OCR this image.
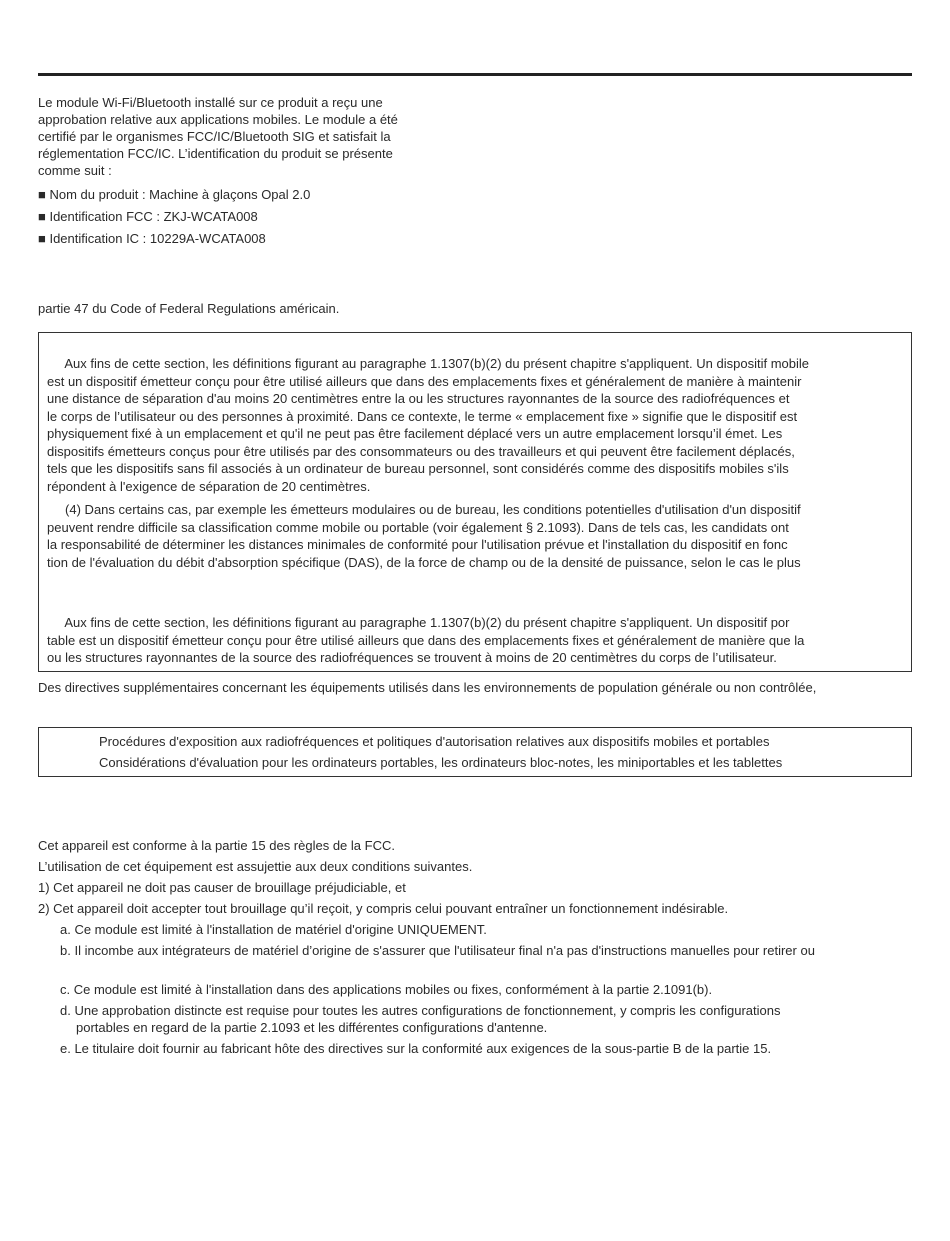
Le module Wi-Fi/Bluetooth installé sur ce produit a reçu une
approbation relative aux applications mobiles. Le module a été
certifié par le organismes FCC/IC/Bluetooth SIG et satisfait la
réglementation FCC/IC. L’identification du produit se présente
comme suit :
■ Nom du produit : Machine à glaçons Opal 2.0
■ Identification FCC : ZKJ-WCATA008
■ Identification IC : 10229A-WCATA008
partie 47 du Code of Federal Regulations américain.
Aux fins de cette section, les définitions figurant au paragraphe 1.1307(b)(2) du présent chapitre s'appliquent. Un dispositif mobile
est un dispositif émetteur conçu pour être utilisé ailleurs que dans des emplacements fixes et généralement de manière à maintenir
une distance de séparation d'au moins 20 centimètres entre la ou les structures rayonnantes de la source des radiofréquences et
le corps de l’utilisateur ou des personnes à proximité. Dans ce contexte, le terme « emplacement fixe » signifie que le dispositif est
physiquement fixé à un emplacement et qu'il ne peut pas être facilement déplacé vers un autre emplacement lorsqu’il émet. Les
dispositifs émetteurs conçus pour être utilisés par des consommateurs ou des travailleurs et qui peuvent être facilement déplacés,
tels que les dispositifs sans fil associés à un ordinateur de bureau personnel, sont considérés comme des dispositifs mobiles s'ils
répondent à l'exigence de séparation de 20 centimètres.
(4) Dans certains cas, par exemple les émetteurs modulaires ou de bureau, les conditions potentielles d'utilisation d'un dispositif
peuvent rendre difficile sa classification comme mobile ou portable (voir également § 2.1093). Dans de tels cas, les candidats ont
la responsabilité de déterminer les distances minimales de conformité pour l'utilisation prévue et l'installation du dispositif en fonc
tion de l'évaluation du débit d'absorption spécifique (DAS), de la force de champ ou de la densité de puissance, selon le cas le plus
Aux fins de cette section, les définitions figurant au paragraphe 1.1307(b)(2) du présent chapitre s'appliquent. Un dispositif por
table est un dispositif émetteur conçu pour être utilisé ailleurs que dans des emplacements fixes et généralement de manière que la
ou les structures rayonnantes de la source des radiofréquences se trouvent à moins de 20 centimètres du corps de l’utilisateur.
Des directives supplémentaires concernant les équipements utilisés dans les environnements de population générale ou non contrôlée,
Procédures d'exposition aux radiofréquences et politiques d'autorisation relatives aux dispositifs mobiles et portables
Considérations d'évaluation pour les ordinateurs portables, les ordinateurs bloc-notes, les miniportables et les tablettes
Cet appareil est conforme à la partie 15 des règles de la FCC.
L’utilisation de cet équipement est assujettie aux deux conditions suivantes.
1) Cet appareil ne doit pas causer de brouillage préjudiciable, et
2) Cet appareil doit accepter tout brouillage qu’il reçoit, y compris celui pouvant entraîner un fonctionnement indésirable.
a. Ce module est limité à l'installation de matériel d'origine UNIQUEMENT.
b. Il incombe aux intégrateurs de matériel d’origine de s'assurer que l'utilisateur final n'a pas d'instructions manuelles pour retirer ou
c. Ce module est limité à l'installation dans des applications mobiles ou fixes, conformément à la partie 2.1091(b).
d. Une approbation distincte est requise pour toutes les autres configurations de fonctionnement, y compris les configurations
portables en regard de la partie 2.1093 et les différentes configurations d'antenne.
e. Le titulaire doit fournir au fabricant hôte des directives sur la conformité aux exigences de la sous-partie B de la partie 15.
